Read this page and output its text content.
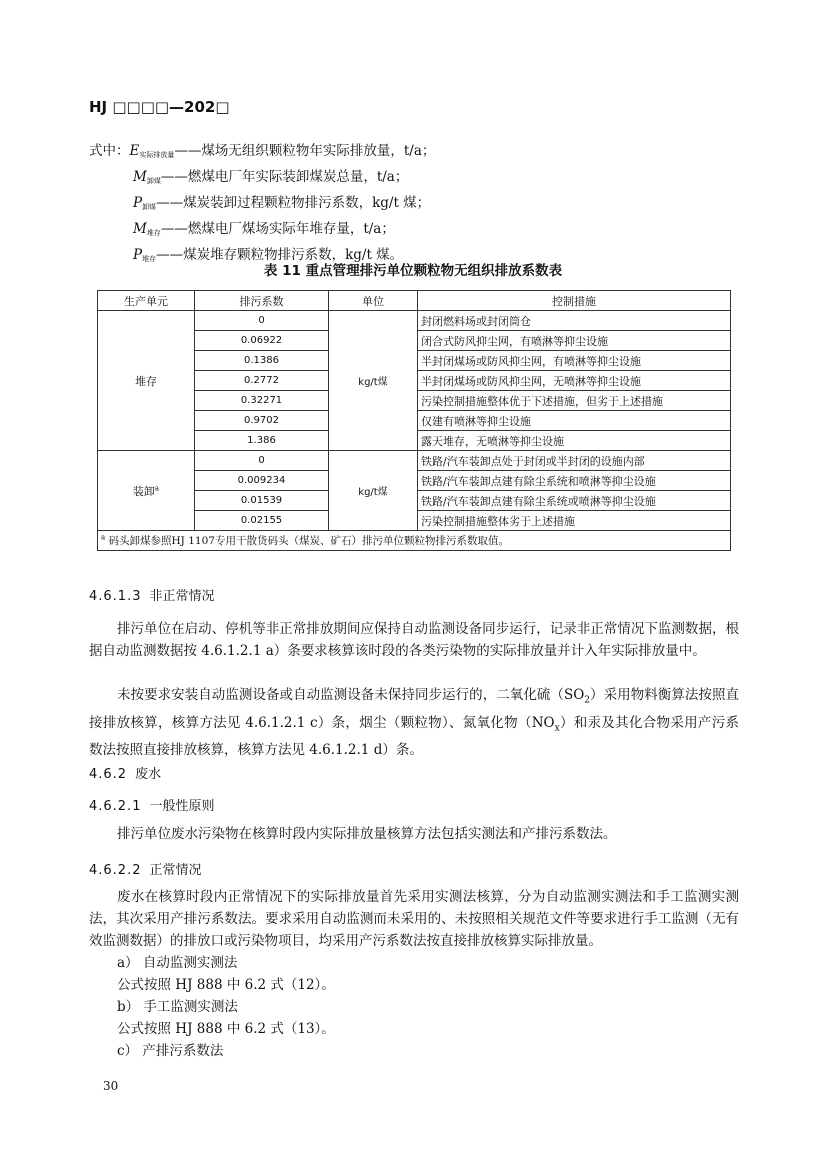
HJ □□□□—202□
式中：$E_{实际排放量}——$煤场无组织颗粒物年实际排放量，t/a；
$M_{卸煤}——$燃煤电厂年实际装卸煤炭总量，t/a；
$P_{卸煤}——$煤炭装卸过程颗粒物排污系数，kg/t 煤；
$M_{堆存}——$燃煤电厂煤场实际年堆存量，t/a；
$P_{堆存}——$煤炭堆存颗粒物排污系数，kg/t 煤。
表 11 重点管理排污单位颗粒物无组织排放系数表
生产单元	排污系数	单位	控制措施
堆存	0	kg/t煤	封闭燃料场或封闭筒仓
	0.06922		闭合式防风抑尘网，有喷淋等抑尘设施
	0.1386		半封闭煤场或防风抑尘网，有喷淋等抑尘设施
	0.2772		半封闭煤场或防风抑尘网，无喷淋等抑尘设施
	0.32271		污染控制措施整体优于下述措施，但劣于上述措施
	0.9702		仅建有喷淋等抑尘设施
	1.386		露天堆存，无喷淋等抑尘设施
装卸$^a$	0	kg/t煤	铁路/汽车装卸点处于封闭或半封闭的设施内部
	0.009234		铁路/汽车装卸点建有除尘系统和喷淋等抑尘设施
	0.01539		铁路/汽车装卸点建有除尘系统或喷淋等抑尘设施
	0.02155		污染控制措施整体劣于上述措施
$^a$ 码头卸煤参照HJ 1107专用干散货码头（煤炭、矿石）排污单位颗粒物排污系数取值。			
4.6.1.3 非正常情况
排污单位在启动、停机等非正常排放期间应保持自动监测设备同步运行，记录非正常情况下监测数据，根据自动监测数据按 4.6.1.2.1 a）条要求核算该时段的各类污染物的实际排放量并计入年实际排放量中。
未按要求安装自动监测设备或自动监测设备未保持同步运行的，二氧化硫$(SO_2)$采用物料衡算法按照直接排放核算，核算方法见 4.6.1.2.1 c）条，烟尘（颗粒物）、氮氧化物$(NO_x)$和汞及其化合物采用产污系数法按照直接排放核算，核算方法见 4.6.1.2.1 d）条。
4.6.2 废水
4.6.2.1 一般性原则
排污单位废水污染物在核算时段内实际排放量核算方法包括实测法和产排污系数法。
4.6.2.2 正常情况
废水在核算时段内正常情况下的实际排放量首先采用实测法核算，分为自动监测实测法和手工监测实测法，其次采用产排污系数法。要求采用自动监测而未采用的、未按照相关规范文件等要求进行手工监测（无有效监测数据）的排放口或污染物项目，均采用产污系数法按直接排放核算实际排放量。
a） 自动监测实测法
公式按照 HJ 888 中 6.2 式（12）。
b） 手工监测实测法
公式按照 HJ 888 中 6.2 式（13）。
c） 产排污系数法
30
